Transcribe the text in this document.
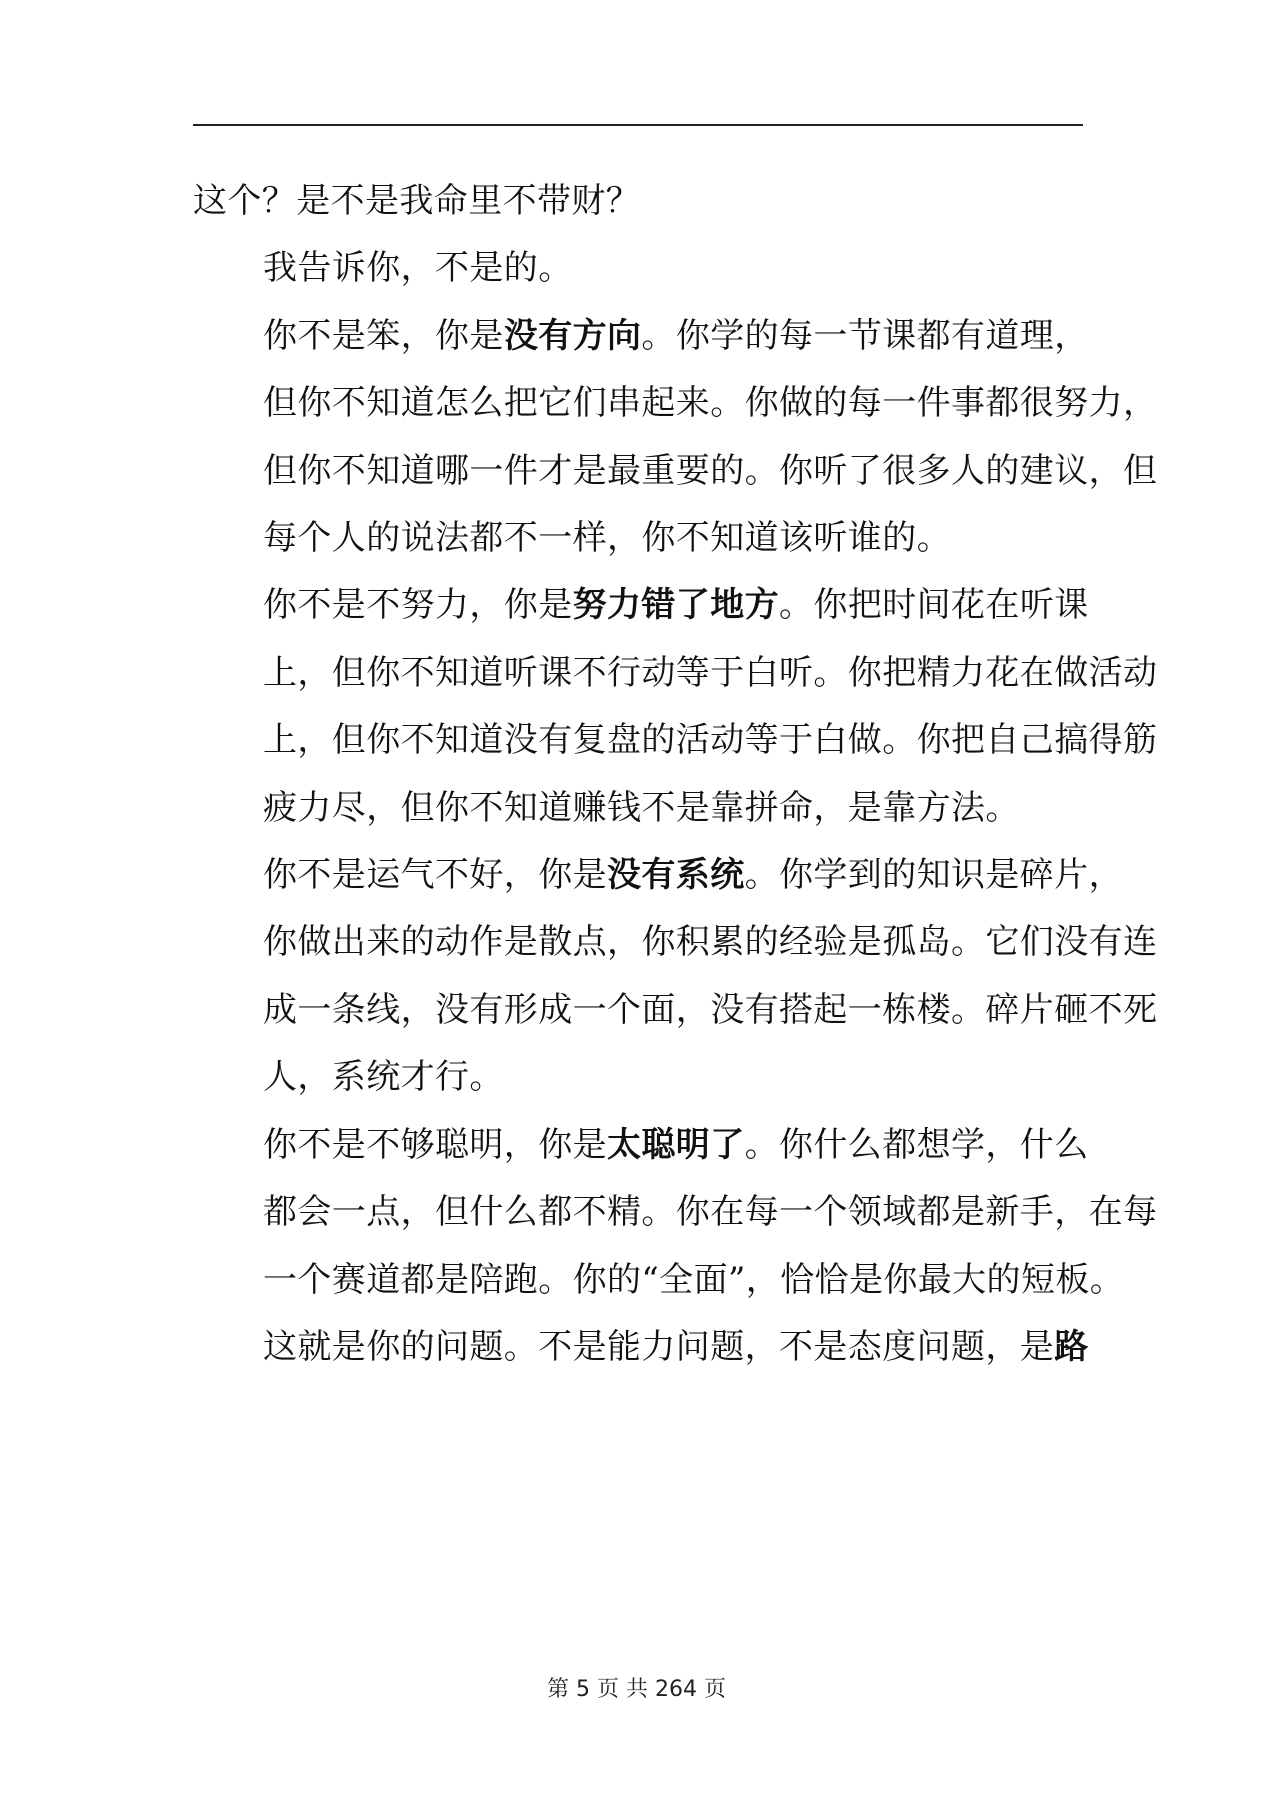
这个？是不是我命里不带财？

我告诉你，不是的。

你不是笨，你是没有方向。你学的每一节课都有道理，
但你不知道怎么把它们串起来。你做的每一件事都很努力，
但你不知道哪一件才是最重要的。你听了很多人的建议，但
每个人的说法都不一样，你不知道该听谁的。

你不是不努力，你是努力错了地方。你把时间花在听课
上，但你不知道听课不行动等于白听。你把精力花在做活动
上，但你不知道没有复盘的活动等于白做。你把自己搞得筋
疲力尽，但你不知道赚钱不是靠拼命，是靠方法。

你不是运气不好，你是没有系统。你学到的知识是碎片，
你做出来的动作是散点，你积累的经验是孤岛。它们没有连
成一条线，没有形成一个面，没有搭起一栋楼。碎片砸不死
人，系统才行。

你不是不够聪明，你是太聪明了。你什么都想学，什么
都会一点，但什么都不精。你在每一个领域都是新手，在每
一个赛道都是陪跑。你的“全面”，恰恰是你最大的短板。

这就是你的问题。不是能力问题，不是态度问题，是路

第 5 页 共 264 页
